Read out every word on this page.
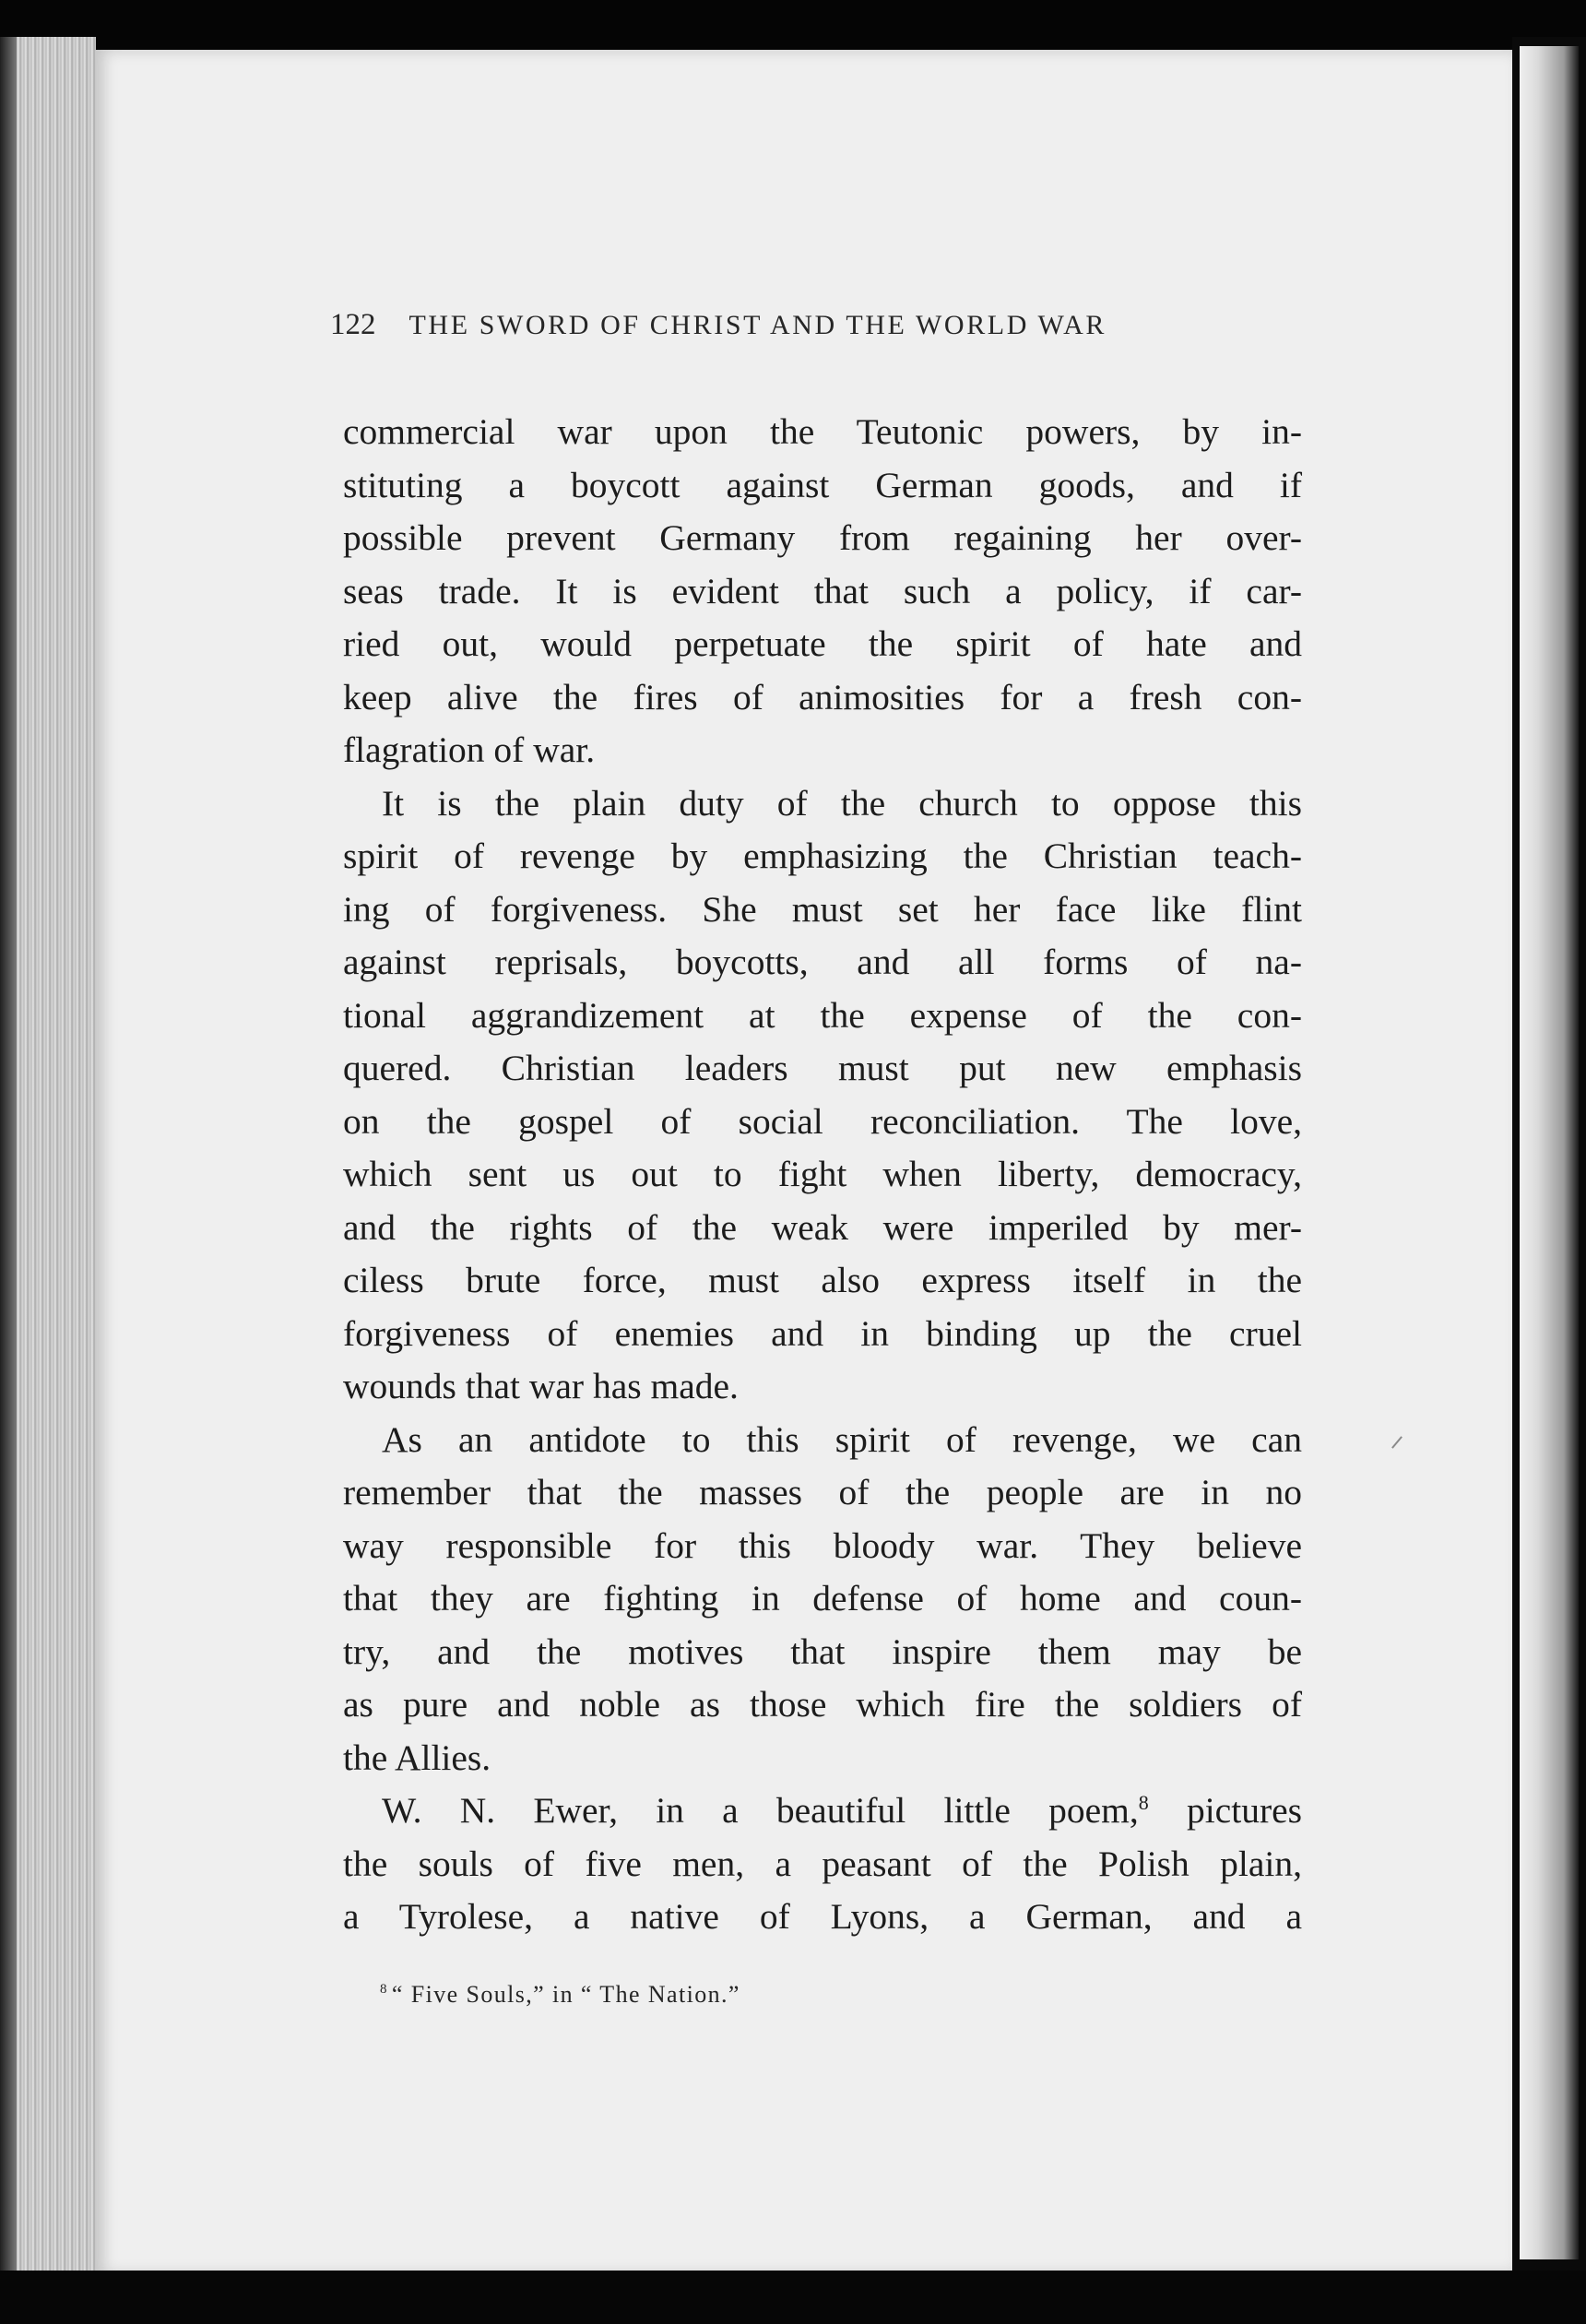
122 THE SWORD OF CHRIST AND THE WORLD WAR
commercial war upon the Teutonic powers, by in-
stituting a boycott against German goods, and if
possible prevent Germany from regaining her over-
seas trade. It is evident that such a policy, if car-
ried out, would perpetuate the spirit of hate and
keep alive the fires of animosities for a fresh con-
flagration of war.
It is the plain duty of the church to oppose this
spirit of revenge by emphasizing the Christian teach-
ing of forgiveness. She must set her face like flint
against reprisals, boycotts, and all forms of na-
tional aggrandizement at the expense of the con-
quered. Christian leaders must put new emphasis
on the gospel of social reconciliation. The love,
which sent us out to fight when liberty, democracy,
and the rights of the weak were imperiled by mer-
ciless brute force, must also express itself in the
forgiveness of enemies and in binding up the cruel
wounds that war has made.
As an antidote to this spirit of revenge, we can
remember that the masses of the people are in no
way responsible for this bloody war. They believe
that they are fighting in defense of home and coun-
try, and the motives that inspire them may be
as pure and noble as those which fire the soldiers of
the Allies.
W. N. Ewer, in a beautiful little poem,$^8$ pictures
the souls of five men, a peasant of the Polish plain,
a Tyrolese, a native of Lyons, a German, and a
$^8$ “ Five Souls,” in “ The Nation.”
